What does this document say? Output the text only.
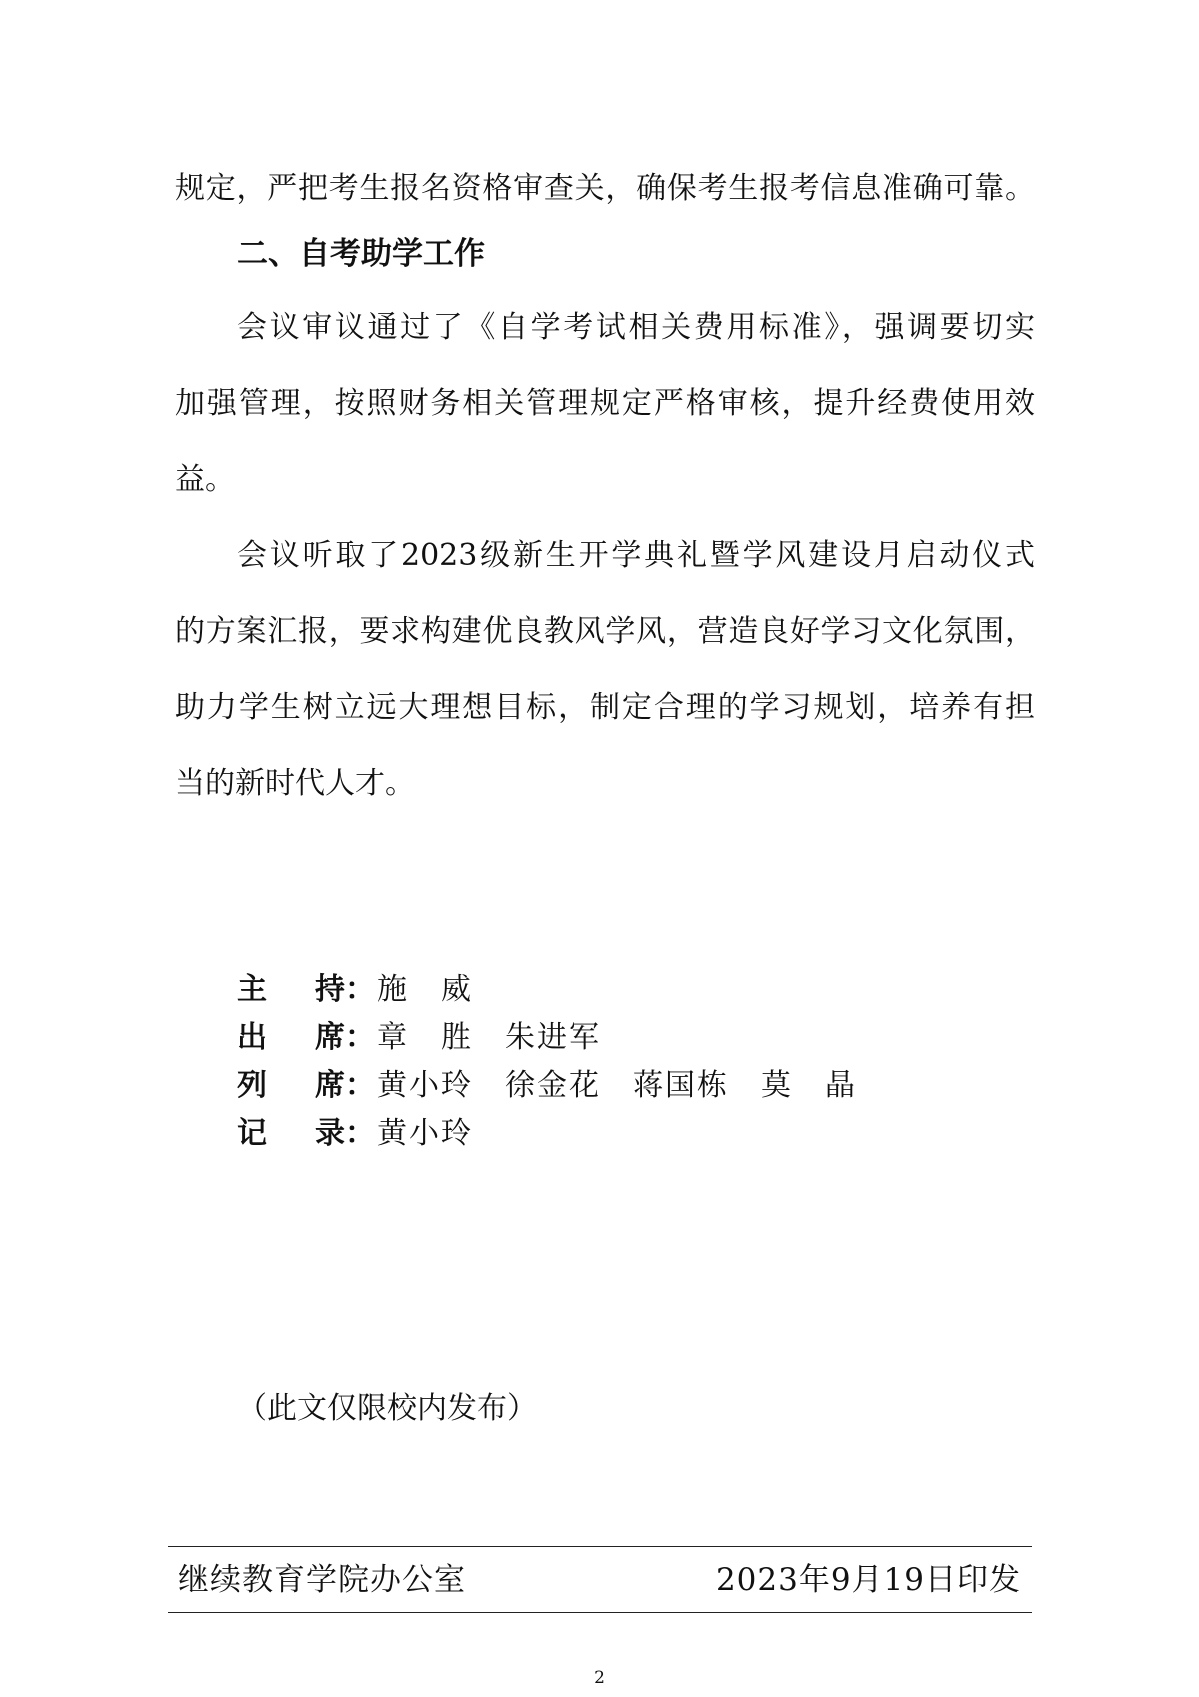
规定，严把考生报名资格审查关，确保考生报考信息准确可靠。
二、自考助学工作
会议审议通过了《自学考试相关费用标准》，强调要切实
加强管理，按照财务相关管理规定严格审核，提升经费使用效
益。
会议听取了2023级新生开学典礼暨学风建设月启动仪式
的方案汇报，要求构建优良教风学风，营造良好学习文化氛围，
助力学生树立远大理想目标，制定合理的学习规划，培养有担
当的新时代人才。
主持：施　威
出席：章　胜　朱进军
列席：黄小玲　徐金花　蒋国栋　莫　晶
记录：黄小玲
（此文仅限校内发布）
继续教育学院办公室	2023年9月19日印发
2
